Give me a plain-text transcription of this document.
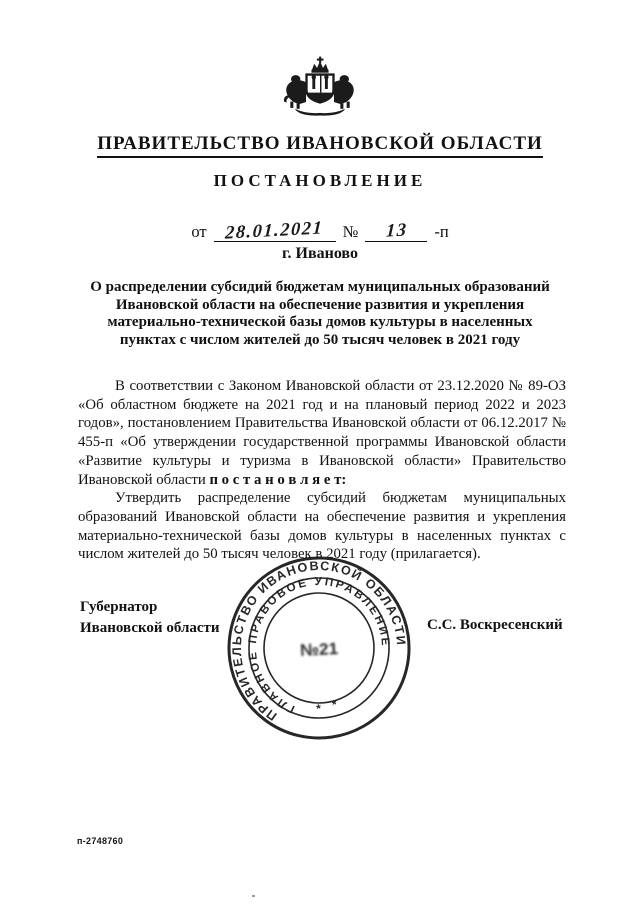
ПРАВИТЕЛЬСТВО ИВАНОВСКОЙ ОБЛАСТИ
ПОСТАНОВЛЕНИЕ
от 28.01.2021	№	13	-п
г. Иваново
О распределении субсидий бюджетам муниципальных образований Ивановской области на обеспечение развития и укрепления материально-технической базы домов культуры в населенных пунктах с числом жителей до 50 тысяч человек в 2021 году

В соответствии с Законом Ивановской области от 23.12.2020 № 89-ОЗ «Об областном бюджете на 2021 год и на плановый период 2022 и 2023 годов», постановлением Правительства Ивановской области от 06.12.2017 № 455-п «Об утверждении государственной программы Ивановской области «Развитие культуры и туризма в Ивановской области» Правительство Ивановской области п о с т а н о в л я е т:

Утвердить распределение субсидий бюджетам муниципальных образований Ивановской области на обеспечение развития и укрепления материально-технической базы домов культуры в населенных пунктах с числом жителей до 50 тысяч человек в 2021 году (прилагается).

Губернатор
Ивановской области	С.С. Воскресенский
ПРАВИТЕЛЬСТВО ИВАНОВСКОЙ ОБЛАСТИ
ГЛАВНОЕ ПРАВОВОЕ УПРАВЛЕНИЕ
* *
№21
п-2748760
